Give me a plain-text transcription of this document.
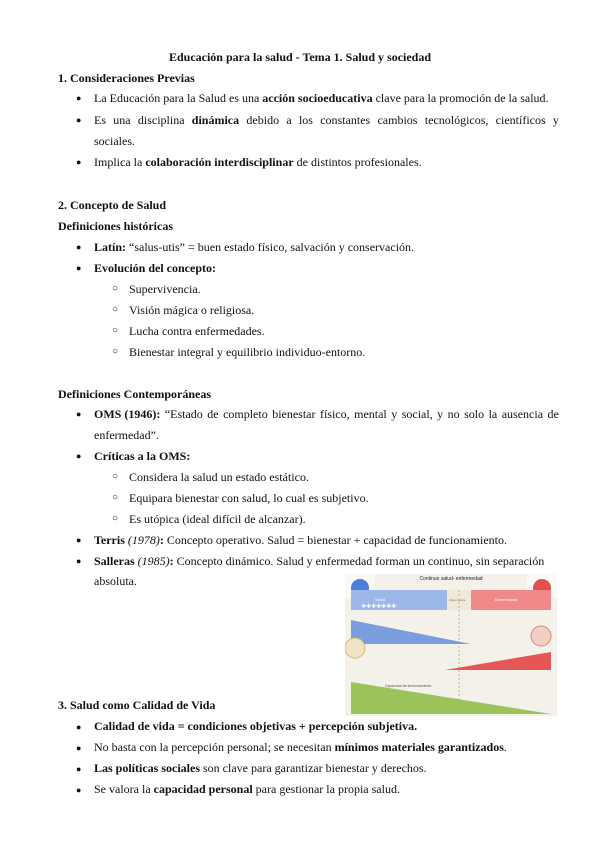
Educación para la salud - Tema 1. Salud y sociedad
1. Consideraciones Previas
● La Educación para la Salud es una acción socioeducativa clave para la promoción de la salud.
● Es una disciplina dinámica debido a los constantes cambios tecnológicos, científicos y
sociales.
● Implica la colaboración interdisciplinar de distintos profesionales.
2. Concepto de Salud
Definiciones históricas
● Latín: “salus-utis” = buen estado físico, salvación y conservación.
● Evolución del concepto:
○ Supervivencia.
○ Visión mágica o religiosa.
○ Lucha contra enfermedades.
○ Bienestar integral y equilibrio individuo-entorno.
Definiciones Contemporáneas
● OMS (1946): “Estado de completo bienestar físico, mental y social, y no solo la ausencia de
enfermedad”.
● Críticas a la OMS:
○ Considera la salud un estado estático.
○ Equipara bienestar con salud, lo cual es subjetivo.
○ Es utópica (ideal difícil de alcanzar).
● Terris (1978): Concepto operativo. Salud = bienestar + capacidad de funcionamiento.
● Salleras (1985): Concepto dinámico. Salud y enfermedad forman un continuo, sin separación
absoluta.	Continuo salud- enfermedad
Salud	Enfermedad
Zona neutra
✚✚✚✚✚✚✚
Capacidad de funcionamiento
3. Salud como Calidad de Vida
● Calidad de vida = condiciones objetivas + percepción subjetiva.
● No basta con la percepción personal; se necesitan mínimos materiales garantizados.
● Las políticas sociales son clave para garantizar bienestar y derechos.
● Se valora la capacidad personal para gestionar la propia salud.
